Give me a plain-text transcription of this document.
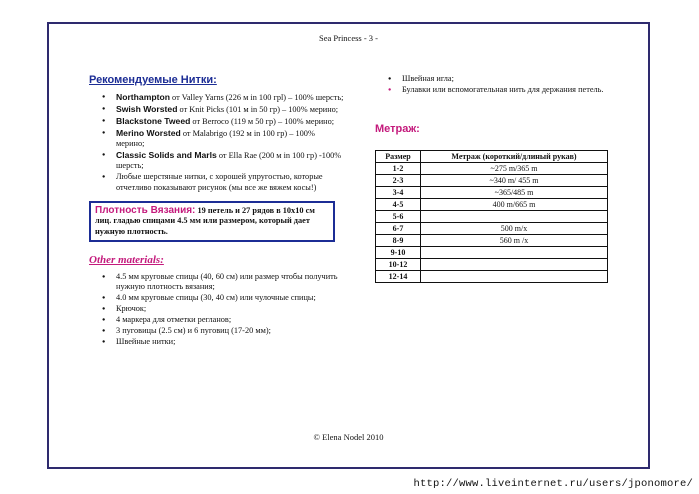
Sea Princess - 3 -
Рекомендуемые Нитки:
● Northampton от Valley Yarns (226 м in 100 грl) – 100% шерсть;
● Swish Worsted от Knit Picks (101 м in 50 гр) – 100% мерино;
● Blackstone Tweed от Berroco (119 м 50 гр) – 100% мерино;
● Merino Worsted от Malabrigo (192 м in 100 гр) – 100% мерино;
● Classic Solids and Marls от Ella Rae (200 м in 100 гр) -100% шерсть;
● Любые шерстяные нитки, с хорошей упругостью, которые отчетливо показывают рисунок (мы все же вяжем косы!)
Плотность Вязания: 19 петель и 27 рядов в 10x10 см лиц. гладью спицами 4.5 мм или размером, который дает нужную плотность.
Other materials:
● 4.5 мм круговые спицы (40, 60 см) или размер чтобы получить нужную плотность вязания;
● 4.0 мм круговые спицы (30, 40 см) или чулочные спицы;
● Крючок;
● 4 маркера для отметки регланов;
● 3 пуговицы (2.5 см) и 6 пуговиц (17-20 мм);
● Швейные нитки;
● Швейная игла;
● Булавки или вспомогательная нить для держания петель.
Метраж:
Размер	Метраж (короткий/длиный рукав)
1-2	~275 m/365 m
2-3	~340 m/ 455 m
3-4	~365/485 m
4-5	400 m/665 m
5-6	
6-7	500 m/x
8-9	560 m /x
9-10	
10-12	
12-14	
© Elena Nodel 2010
http://www.liveinternet.ru/users/jponomore/
